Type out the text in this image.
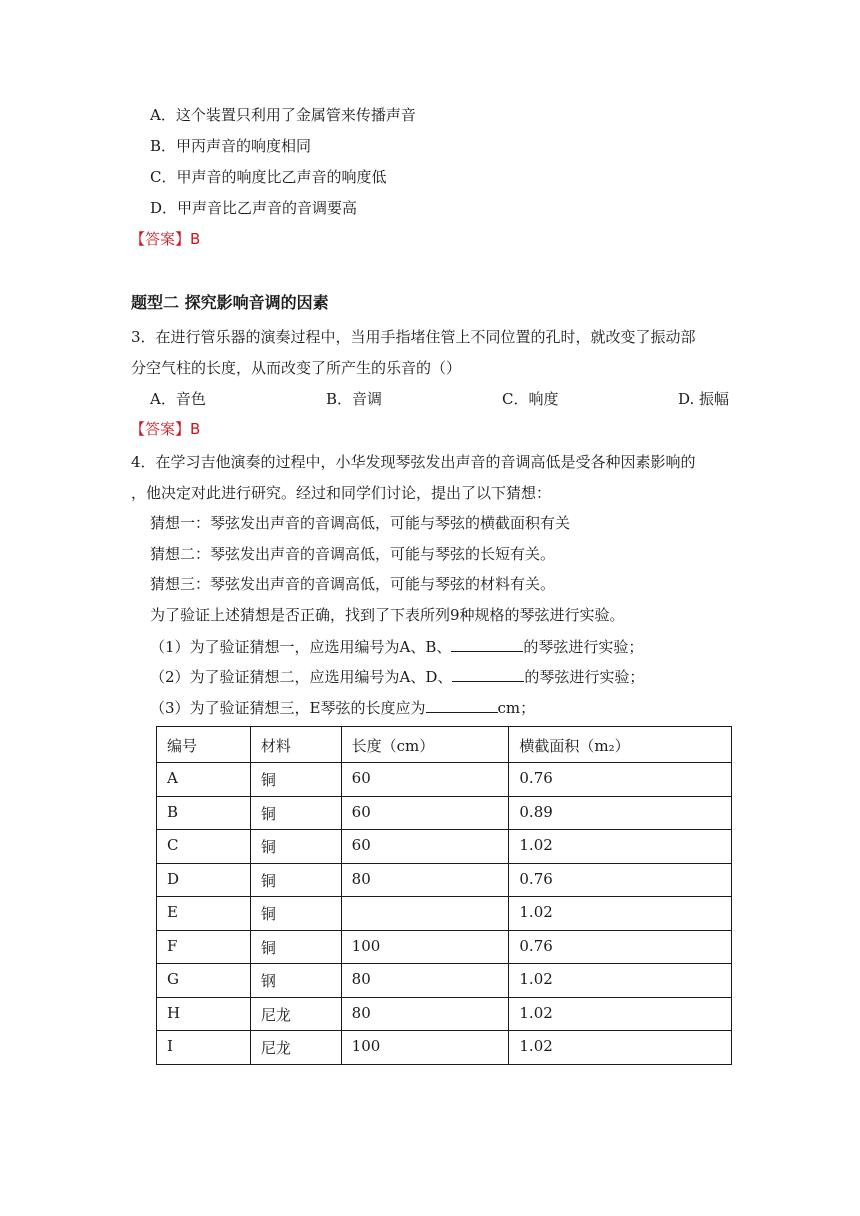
A．这个装置只利用了金属管来传播声音
B．甲丙声音的响度相同
C．甲声音的响度比乙声音的响度低
D．甲声音比乙声音的音调要高
【答案】B
题型二 探究影响音调的因素
3．在进行管乐器的演奏过程中，当用手指堵住管上不同位置的孔时，就改变了振动部
分空气柱的长度，从而改变了所产生的乐音的（）
A．音色	B．音调	C．响度	D. 振幅
【答案】B
4．在学习吉他演奏的过程中，小华发现琴弦发出声音的音调高低是受各种因素影响的
，他决定对此进行研究。经过和同学们讨论，提出了以下猜想：
猜想一：琴弦发出声音的音调高低，可能与琴弦的横截面积有关
猜想二：琴弦发出声音的音调高低，可能与琴弦的长短有关。
猜想三：琴弦发出声音的音调高低，可能与琴弦的材料有关。
为了验证上述猜想是否正确，找到了下表所列9种规格的琴弦进行实验。
（1）为了验证猜想一，应选用编号为A、B、	的琴弦进行实验；
（2）为了验证猜想二，应选用编号为A、D、	的琴弦进行实验；
（3）为了验证猜想三，E琴弦的长度应为	cm；
编号	材料	长度（cm）	横截面积（m₂）
A	铜	60	0.76
B	铜	60	0.89
C	铜	60	1.02
D	铜	80	0.76
E	铜		1.02
F	铜	100	0.76
G	钢	80	1.02
H	尼龙	80	1.02
I	尼龙	100	1.02
